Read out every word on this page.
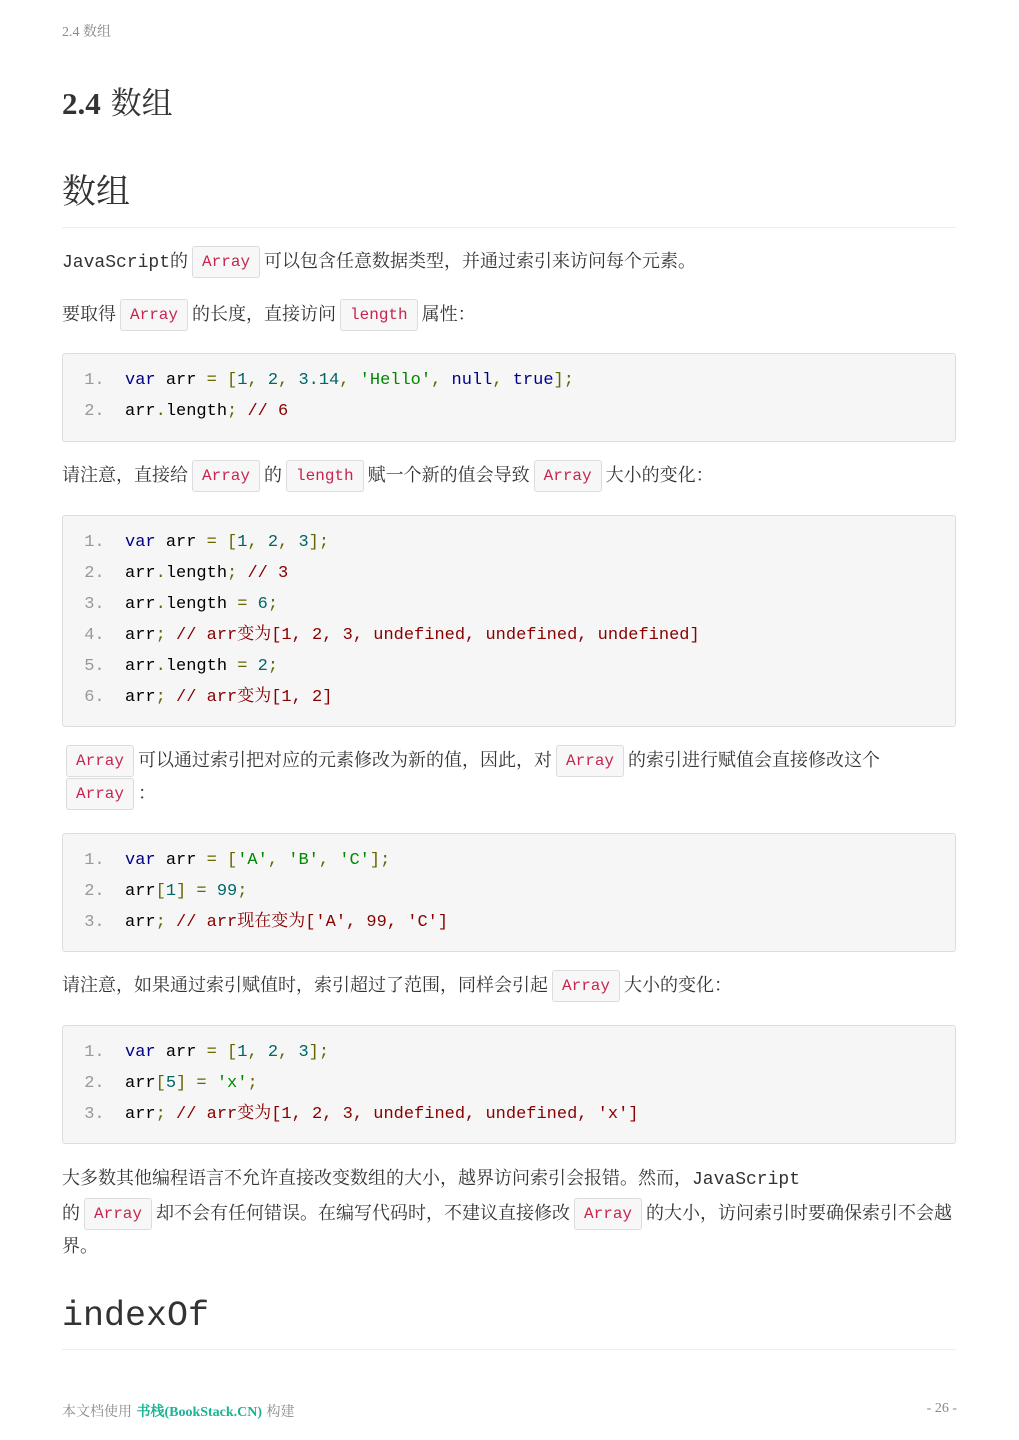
2.4 数组
2.4 数组
数组

JavaScript的 Array 可以包含任意数据类型，并通过索引来访问每个元素。

要取得 Array 的长度，直接访问 length 属性：

1.  var arr = [1, 2, 3.14, 'Hello', null, true];
2.  arr.length; // 6

请注意，直接给 Array 的 length 赋一个新的值会导致 Array 大小的变化：

1.  var arr = [1, 2, 3];
2.  arr.length; // 3
3.  arr.length = 6;
4.  arr; // arr变为[1, 2, 3, undefined, undefined, undefined]
5.  arr.length = 2;
6.  arr; // arr变为[1, 2]

Array 可以通过索引把对应的元素修改为新的值，因此，对 Array 的索引进行赋值会直接修改这个Array ：

1.  var arr = ['A', 'B', 'C'];
2.  arr[1] = 99;
3.  arr; // arr现在变为['A', 99, 'C']

请注意，如果通过索引赋值时，索引超过了范围，同样会引起 Array 大小的变化：

1.  var arr = [1, 2, 3];
2.  arr[5] = 'x';
3.  arr; // arr变为[1, 2, 3, undefined, undefined, 'x']

大多数其他编程语言不允许直接改变数组的大小，越界访问索引会报错。然而，JavaScript
的 Array 却不会有任何错误。在编写代码时，不建议直接修改 Array 的大小，访问索引时要确保索引不会越界。

indexOf
本文档使用 书栈(BookStack.CN) 构建	- 26 -
